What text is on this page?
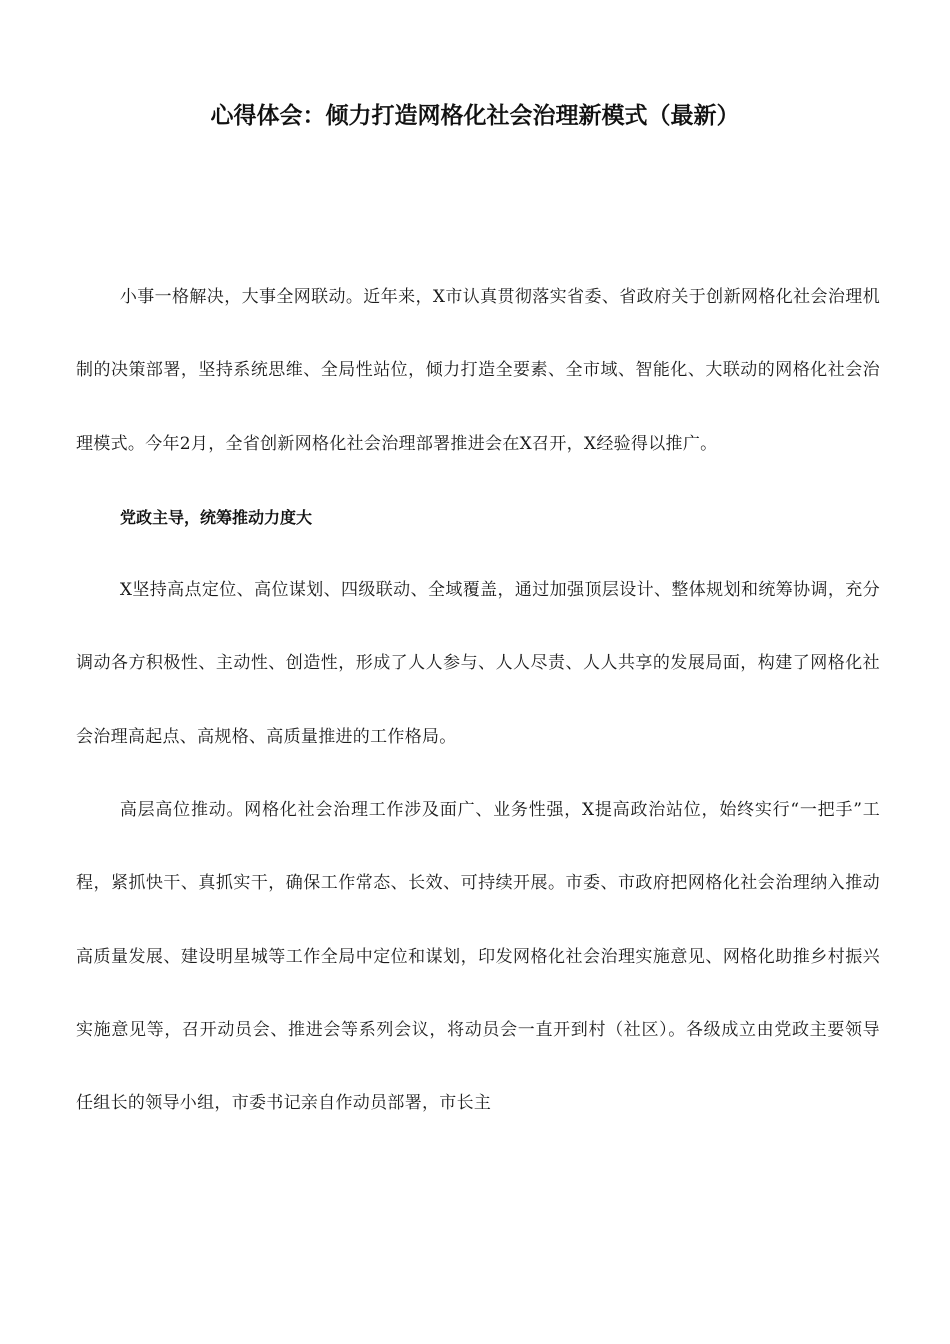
心得体会：倾力打造网格化社会治理新模式（最新）

小事一格解决，大事全网联动。近年来，X市认真贯彻落实省委、省政府关于创新网格化社会治理机制的决策部署，坚持系统思维、全局性站位，倾力打造全要素、全市域、智能化、大联动的网格化社会治理模式。今年2月，全省创新网格化社会治理部署推进会在X召开，X经验得以推广。

党政主导，统筹推动力度大

X坚持高点定位、高位谋划、四级联动、全域覆盖，通过加强顶层设计、整体规划和统筹协调，充分调动各方积极性、主动性、创造性，形成了人人参与、人人尽责、人人共享的发展局面，构建了网格化社会治理高起点、高规格、高质量推进的工作格局。

高层高位推动。网格化社会治理工作涉及面广、业务性强，X提高政治站位，始终实行“一把手”工程，紧抓快干、真抓实干，确保工作常态、长效、可持续开展。市委、市政府把网格化社会治理纳入推动高质量发展、建设明星城等工作全局中定位和谋划，印发网格化社会治理实施意见、网格化助推乡村振兴实施意见等，召开动员会、推进会等系列会议，将动员会一直开到村（社区）。各级成立由党政主要领导任组长的领导小组，市委书记亲自作动员部署，市长主
